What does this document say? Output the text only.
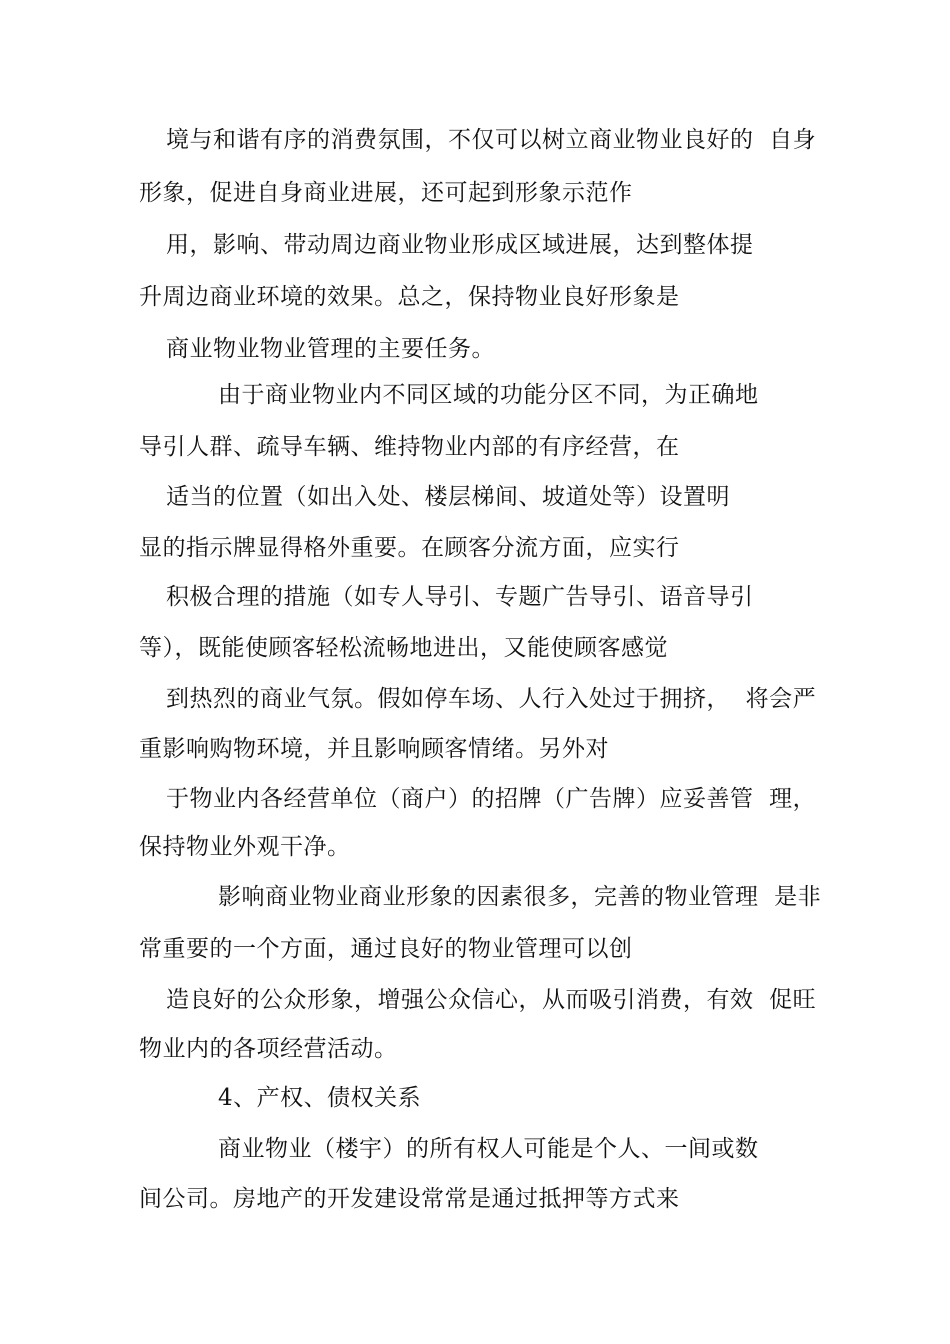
境与和谐有序的消费氛围，不仅可以树立商业物业良好的  自身
形象，促进自身商业进展，还可起到形象示范作
用，影响、带动周边商业物业形成区域进展，达到整体提
升周边商业环境的效果。总之，保持物业良好形象是
商业物业物业管理的主要任务。
由于商业物业内不同区域的功能分区不同，为正确地
导引人群、疏导车辆、维持物业内部的有序经营，在
适当的位置（如出入处、楼层梯间、坡道处等）设置明
显的指示牌显得格外重要。在顾客分流方面，应实行
积极合理的措施（如专人导引、专题广告导引、语音导引
等），既能使顾客轻松流畅地进出，又能使顾客感觉
到热烈的商业气氛。假如停车场、人行入处过于拥挤，  将会严
重影响购物环境，并且影响顾客情绪。另外对
于物业内各经营单位（商户）的招牌（广告牌）应妥善管  理，
保持物业外观干净。
影响商业物业商业形象的因素很多，完善的物业管理  是非
常重要的一个方面，通过良好的物业管理可以创
造良好的公众形象，增强公众信心，从而吸引消费，有效  促旺
物业内的各项经营活动。
4、产权、债权关系
商业物业（楼宇）的所有权人可能是个人、一间或数
间公司。房地产的开发建设常常是通过抵押等方式来
